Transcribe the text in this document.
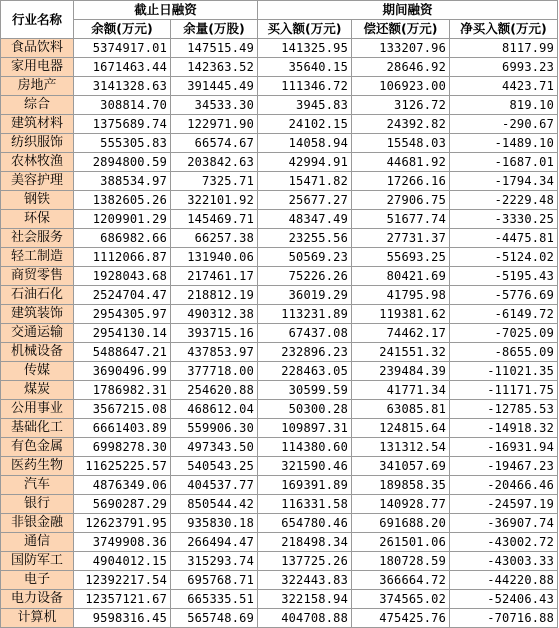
行业名称	截止日融资		期间融资		
	余额(万元)	余量(万股)	买入额(万元)	偿还额(万元)	净买入额(万元)
食品饮料	5374917.01	147515.49	141325.95	133207.96	8117.99
家用电器	1671463.44	142363.52	35640.15	28646.92	6993.23
房地产	3141328.63	391445.49	111346.72	106923.00	4423.71
综合	308814.70	34533.30	3945.83	3126.72	819.10
建筑材料	1375689.74	122971.90	24102.15	24392.82	-290.67
纺织服饰	555305.83	66574.67	14058.94	15548.03	-1489.10
农林牧渔	2894800.59	203842.63	42994.91	44681.92	-1687.01
美容护理	388534.97	7325.71	15471.82	17266.16	-1794.34
钢铁	1382605.26	322101.92	25677.27	27906.75	-2229.48
环保	1209901.29	145469.71	48347.49	51677.74	-3330.25
社会服务	686982.66	66257.38	23255.56	27731.37	-4475.81
轻工制造	1112066.87	131940.06	50569.23	55693.25	-5124.02
商贸零售	1928043.68	217461.17	75226.26	80421.69	-5195.43
石油石化	2524704.47	218812.19	36019.29	41795.98	-5776.69
建筑装饰	2954305.97	490312.38	113231.89	119381.62	-6149.72
交通运输	2954130.14	393715.16	67437.08	74462.17	-7025.09
机械设备	5488647.21	437853.97	232896.23	241551.32	-8655.09
传媒	3690496.99	377718.00	228463.05	239484.39	-11021.35
煤炭	1786982.31	254620.88	30599.59	41771.34	-11171.75
公用事业	3567215.08	468612.04	50300.28	63085.81	-12785.53
基础化工	6661403.89	559906.30	109897.31	124815.64	-14918.32
有色金属	6998278.30	497343.50	114380.60	131312.54	-16931.94
医药生物	11625225.57	540543.25	321590.46	341057.69	-19467.23
汽车	4876349.06	404537.77	169391.89	189858.35	-20466.46
银行	5690287.29	850544.42	116331.58	140928.77	-24597.19
非银金融	12623791.95	935830.18	654780.46	691688.20	-36907.74
通信	3749908.36	266494.47	218498.34	261501.06	-43002.72
国防军工	4904012.15	315293.74	137725.26	180728.59	-43003.33
电子	12392217.54	695768.71	322443.83	366664.72	-44220.88
电力设备	12357121.67	665335.51	322158.94	374565.02	-52406.43
计算机	9598316.45	565748.69	404708.88	475425.76	-70716.88
